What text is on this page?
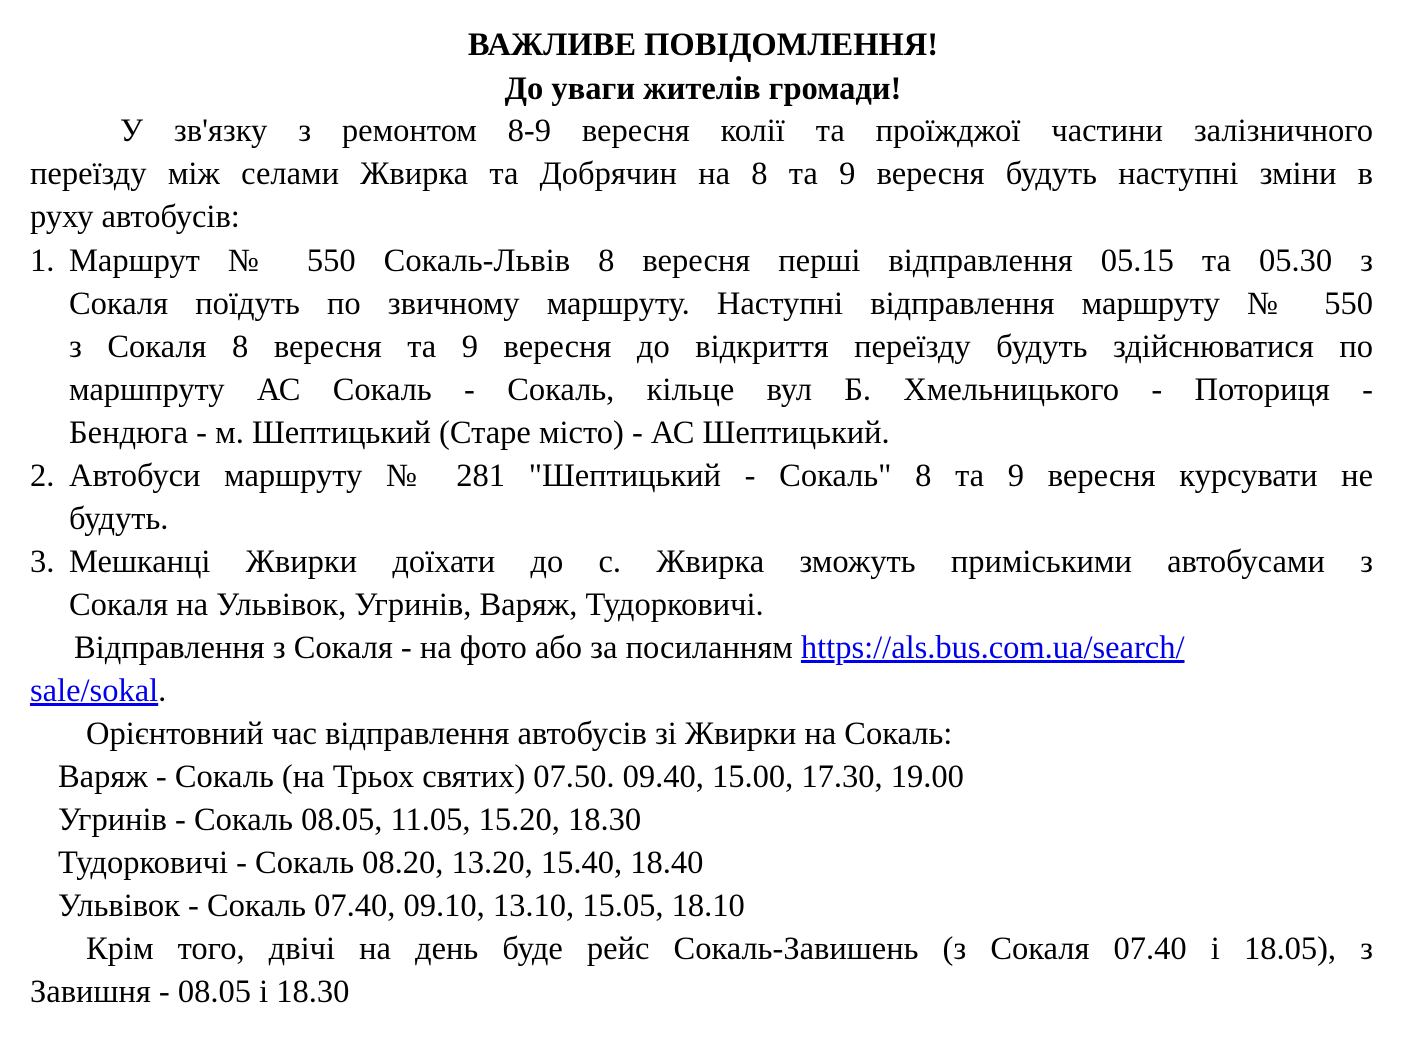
ВАЖЛИВЕ ПОВІДОМЛЕННЯ!
До уваги жителів громади!
У зв'язку з ремонтом 8-9 вересня колії та проїжджої частини залізничного
переїзду між селами Жвирка та Добрячин на 8 та 9 вересня будуть наступні зміни в
руху автобусів:
1. Маршрут № 550 Сокаль-Львів 8 вересня перші відправлення 05.15 та 05.30 з
Сокаля поїдуть по звичному маршруту. Наступні відправлення маршруту № 550
з Сокаля 8 вересня та 9 вересня до відкриття переїзду будуть здійснюватися по
маршпруту АС Сокаль - Сокаль, кільце вул Б. Хмельницького - Поториця -
Бендюга - м. Шептицький (Старе місто) - АС Шептицький.
2. Автобуси маршруту № 281 "Шептицький - Сокаль" 8 та 9 вересня курсувати не
будуть.
3. Мешканці Жвирки доїхати до с. Жвирка зможуть приміськими автобусами з
Сокаля на Ульвівок, Угринів, Варяж, Тудорковичі.
Відправлення з Сокаля - на фото або за посиланням https://als.bus.com.ua/search/
sale/sokal.
Орієнтовний час відправлення автобусів зі Жвирки на Сокаль:
Варяж - Сокаль (на Трьох святих) 07.50. 09.40, 15.00, 17.30, 19.00
Угринів - Сокаль 08.05, 11.05, 15.20, 18.30
Тудорковичі - Сокаль 08.20, 13.20, 15.40, 18.40
Ульвівок - Сокаль 07.40, 09.10, 13.10, 15.05, 18.10
Крім того, двічі на день буде рейс Сокаль-Завишень (з Сокаля 07.40 і 18.05), з
Завишня - 08.05 і 18.30
